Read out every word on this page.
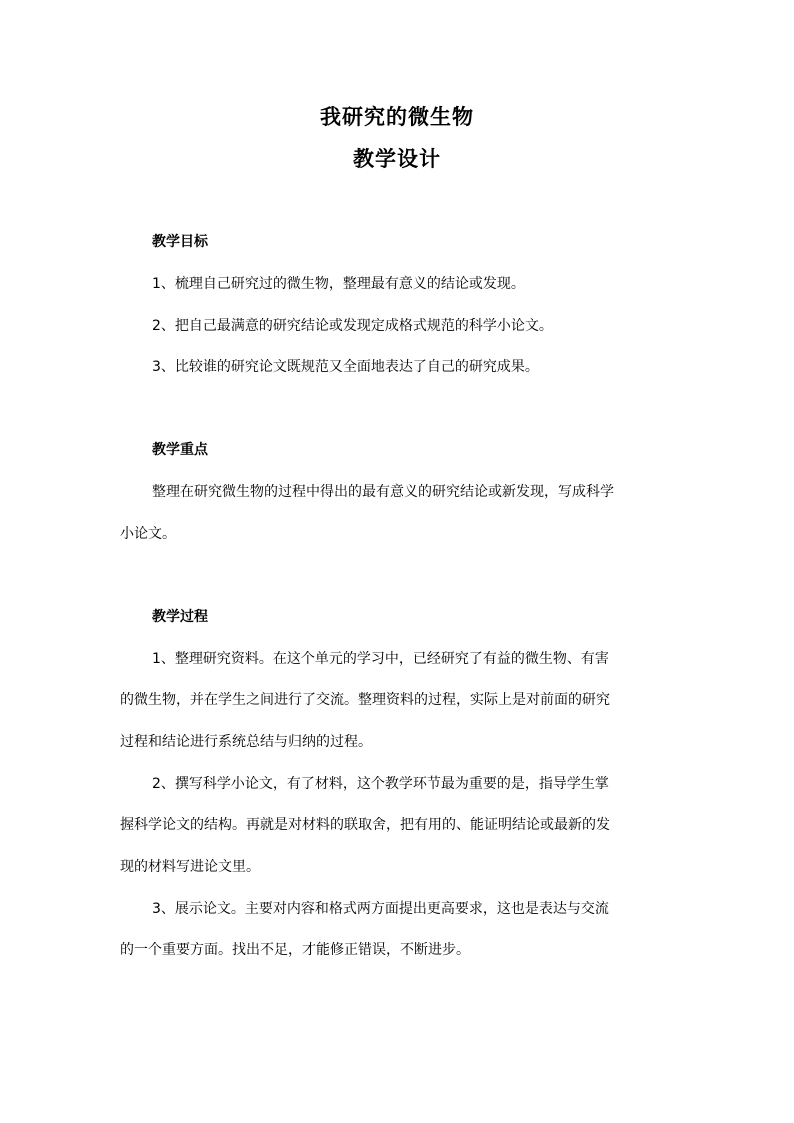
我研究的微生物
教学设计
教学目标
1、梳理自己研究过的微生物，整理最有意义的结论或发现。
2、把自己最满意的研究结论或发现定成格式规范的科学小论文。
3、比较谁的研究论文既规范又全面地表达了自己的研究成果。
教学重点
整理在研究微生物的过程中得出的最有意义的研究结论或新发现，写成科学
小论文。
教学过程
1、整理研究资料。在这个单元的学习中，已经研究了有益的微生物、有害
的微生物，并在学生之间进行了交流。整理资料的过程，实际上是对前面的研究
过程和结论进行系统总结与归纳的过程。
2、撰写科学小论文，有了材料，这个教学环节最为重要的是，指导学生掌
握科学论文的结构。再就是对材料的联取舍，把有用的、能证明结论或最新的发
现的材料写进论文里。
3、展示论文。主要对内容和格式两方面提出更高要求，这也是表达与交流
的一个重要方面。找出不足，才能修正错误，不断进步。
